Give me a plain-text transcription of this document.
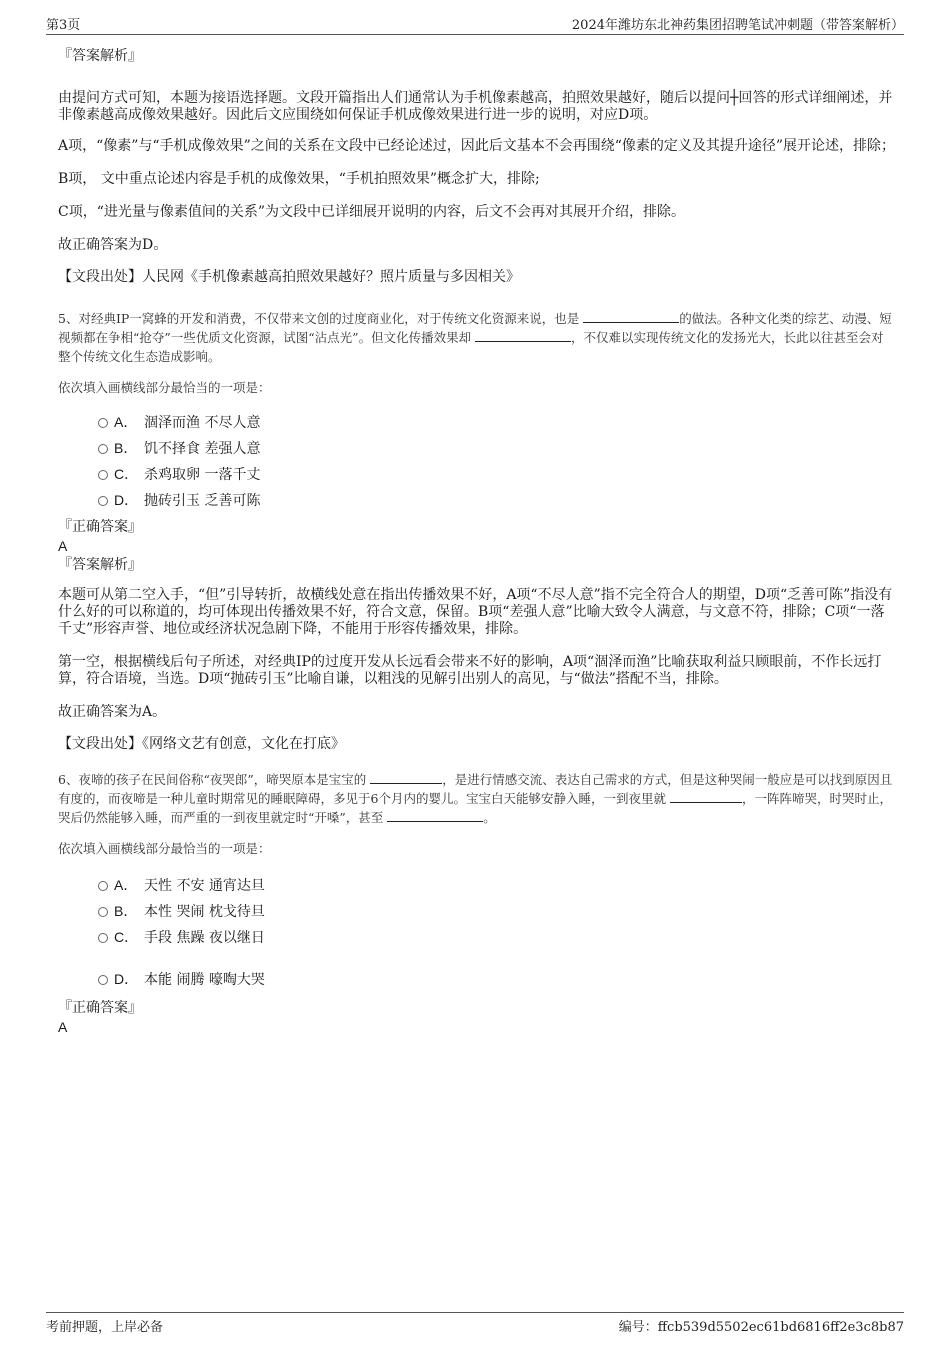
第3页	2024年潍坊东北神药集团招聘笔试冲刺题（带答案解析）

『答案解析』

由提问方式可知，本题为接语选择题。文段开篇指出人们通常认为手机像素越高，拍照效果越好，随后以提问┼回答的形式详细阐述，并非像素越高成像效果越好。因此后文应围绕如何保证手机成像效果进行进一步的说明，对应D项。

A项，“像素”与“手机成像效果”之间的关系在文段中已经论述过，因此后文基本不会再围绕“像素的定义及其提升途径”展开论述，排除；

B项， 文中重点论述内容是手机的成像效果，“手机拍照效果”概念扩大，排除;

C项，“进光量与像素值间的关系”为文段中已详细展开说明的内容，后文不会再对其展开介绍，排除。

故正确答案为D。

【文段出处】人民网《手机像素越高拍照效果越好？照片质量与多因相关》

5、对经典IP一窝蜂的开发和消费，不仅带来文创的过度商业化，对于传统文化资源来说，也是	的做法。各种文化类的综艺、动漫、短视频都在争相“抢夺”一些优质文化资源，试图“沾点光”。但文化传播效果却	，不仅难以实现传统文化的发扬光大，长此以往甚至会对整个传统文化生态造成影响。

依次填入画横线部分最恰当的一项是：

A． 涸泽而渔 不尽人意
B． 饥不择食 差强人意
C． 杀鸡取卵 一落千丈
D． 抛砖引玉 乏善可陈

『正确答案』

A

『答案解析』

本题可从第二空入手，“但”引导转折，故横线处意在指出传播效果不好，A项“不尽人意”指不完全符合人的期望，D项“乏善可陈”指没有什么好的可以称道的，均可体现出传播效果不好，符合文意，保留。B项“差强人意”比喻大致令人满意，与文意不符，排除；C项“一落千丈”形容声誉、地位或经济状况急剧下降，不能用于形容传播效果，排除。

第一空，根据横线后句子所述，对经典IP的过度开发从长远看会带来不好的影响，A项“涸泽而渔”比喻获取利益只顾眼前，不作长远打算，符合语境，当选。D项“抛砖引玉”比喻自谦，以粗浅的见解引出别人的高见，与“做法”搭配不当，排除。

故正确答案为A。

【文段出处】《网络文艺有创意，文化在打底》

6、夜啼的孩子在民间俗称“夜哭郎”，啼哭原本是宝宝的	，是进行情感交流、表达自己需求的方式，但是这种哭闹一般应是可以找到原因且有度的，而夜啼是一种儿童时期常见的睡眠障碍，多见于6个月内的婴儿。宝宝白天能够安静入睡，一到夜里就	，一阵阵啼哭，时哭时止，哭后仍然能够入睡，而严重的一到夜里就定时“开嗓”，甚至	。

依次填入画横线部分最恰当的一项是：

A． 天性 不安 通宵达旦
B． 本性 哭闹 枕戈待旦
C． 手段 焦躁 夜以继日
D． 本能 闹腾 嚎啕大哭

『正确答案』

A

考前押题，上岸必备	编号：ffcb539d5502ec61bd6816ff2e3c8b87
